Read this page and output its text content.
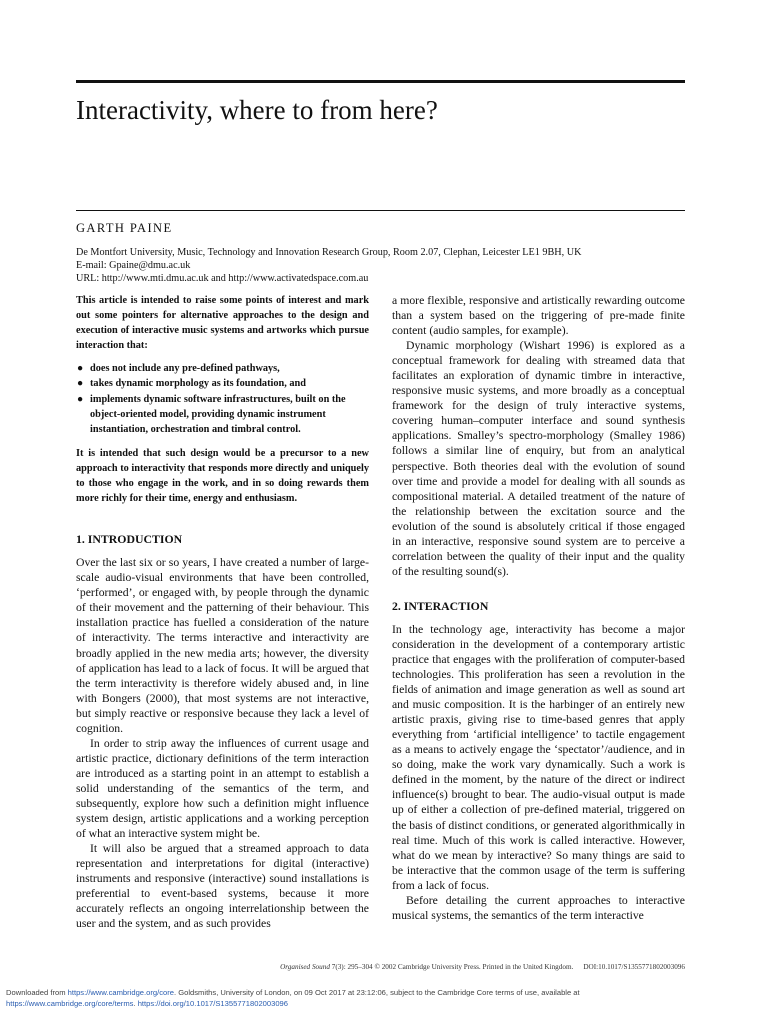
Interactivity, where to from here?
GARTH PAINE
De Montfort University, Music, Technology and Innovation Research Group, Room 2.07, Clephan, Leicester LE1 9BH, UK
E-mail: Gpaine@dmu.ac.uk
URL: http://www.mti.dmu.ac.uk and http://www.activatedspace.com.au

This article is intended to raise some points of interest and mark out some pointers for alternative approaches to the design and execution of interactive music systems and artworks which pursue interaction that:

● does not include any pre-defined pathways,
● takes dynamic morphology as its foundation, and
● implements dynamic software infrastructures, built on the object-oriented model, providing dynamic instrument instantiation, orchestration and timbral control.

It is intended that such design would be a precursor to a new approach to interactivity that responds more directly and uniquely to those who engage in the work, and in so doing rewards them more richly for their time, energy and enthusiasm.

1. INTRODUCTION

Over the last six or so years, I have created a number of large-scale audio-visual environments that have been controlled, ‘performed’, or engaged with, by people through the dynamic of their movement and the patterning of their behaviour. This installation practice has fuelled a consideration of the nature of interactivity. The terms interactive and interactivity are broadly applied in the new media arts; however, the diversity of application has lead to a lack of focus. It will be argued that the term interactivity is therefore widely abused and, in line with Bongers (2000), that most systems are not interactive, but simply reactive or responsive because they lack a level of cognition.

In order to strip away the influences of current usage and artistic practice, dictionary definitions of the term interaction are introduced as a starting point in an attempt to establish a solid understanding of the semantics of the term, and subsequently, explore how such a definition might influence system design, artistic applications and a working perception of what an interactive system might be.

It will also be argued that a streamed approach to data representation and interpretations for digital (interactive) instruments and responsive (interactive) sound installations is preferential to event-based systems, because it more accurately reflects an ongoing interrelationship between the user and the system, and as such provides

a more flexible, responsive and artistically rewarding outcome than a system based on the triggering of pre-made finite content (audio samples, for example).

Dynamic morphology (Wishart 1996) is explored as a conceptual framework for dealing with streamed data that facilitates an exploration of dynamic timbre in interactive, responsive music systems, and more broadly as a conceptual framework for the design of truly interactive systems, covering human–computer interface and sound synthesis applications. Smalley’s spectro-morphology (Smalley 1986) follows a similar line of enquiry, but from an analytical perspective. Both theories deal with the evolution of sound over time and provide a model for dealing with all sounds as compositional material. A detailed treatment of the nature of the relationship between the excitation source and the evolution of the sound is absolutely critical if those engaged in an interactive, responsive sound system are to perceive a correlation between the quality of their input and the quality of the resulting sound(s).

2. INTERACTION

In the technology age, interactivity has become a major consideration in the development of a contemporary artistic practice that engages with the proliferation of computer-based technologies. This proliferation has seen a revolution in the fields of animation and image generation as well as sound art and music composition. It is the harbinger of an entirely new artistic praxis, giving rise to time-based genres that apply everything from ‘artificial intelligence’ to tactile engagement as a means to actively engage the ‘spectator’/audience, and in so doing, make the work vary dynamically. Such a work is defined in the moment, by the nature of the direct or indirect influence(s) brought to bear. The audio-visual output is made up of either a collection of pre-defined material, triggered on the basis of distinct conditions, or generated algorithmically in real time. Much of this work is called interactive. However, what do we mean by interactive? So many things are said to be interactive that the common usage of the term is suffering from a lack of focus.

Before detailing the current approaches to interactive musical systems, the semantics of the term interactive

Organised Sound 7(3): 295–304 © 2002 Cambridge University Press. Printed in the United Kingdom. DOI:10.1017/S1355771802003096
Downloaded from https://www.cambridge.org/core. Goldsmiths, University of London, on 09 Oct 2017 at 23:12:06, subject to the Cambridge Core terms of use, available at
https://www.cambridge.org/core/terms. https://doi.org/10.1017/S1355771802003096
